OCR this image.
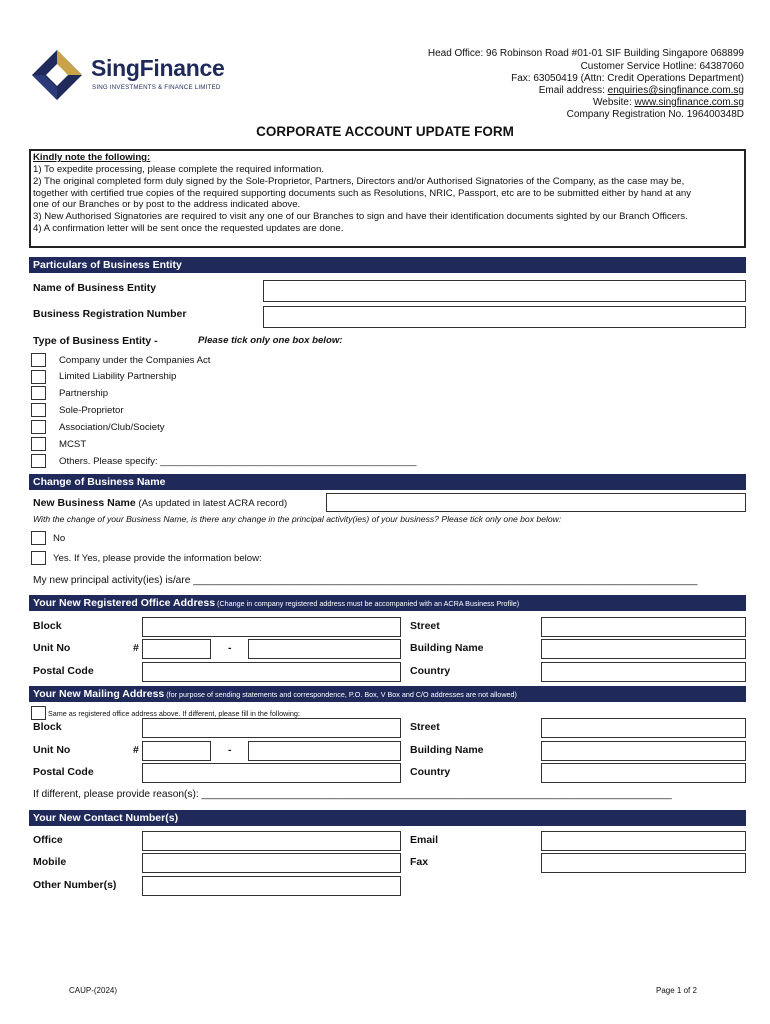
SingFinance
SING INVESTMENTS & FINANCE LIMITED
Head Office: 96 Robinson Road #01-01 SIF Building Singapore 068899
Customer Service Hotline: 64387060
Fax: 63050419 (Attn: Credit Operations Department)
Email address: enquiries@singfinance.com.sg
Website: www.singfinance.com.sg
Company Registration No. 196400348D
CORPORATE ACCOUNT UPDATE FORM
Kindly note the following:
1) To expedite processing, please complete the required information.
2) The original completed form duly signed by the Sole-Proprietor, Partners, Directors and/or Authorised Signatories of the Company, as the case may be,
together with certified true copies of the required supporting documents such as Resolutions, NRIC, Passport, etc are to be submitted either by hand at any
one of our Branches or by post to the address indicated above.
3) New Authorised Signatories are required to visit any one of our Branches to sign and have their identification documents sighted by our Branch Officers.
4) A confirmation letter will be sent once the requested updates are done.
Particulars of Business Entity
Name of Business Entity
Business Registration Number
Type of Business Entity -	Please tick only one box below:
Company under the Companies Act
Limited Liability Partnership
Partnership
Sole-Proprietor
Association/Club/Society
MCST
Others. Please specify: ________________________________________________
Change of Business Name
New Business Name (As updated in latest ACRA record)
With the change of your Business Name, is there any change in the principal activity(ies) of your business? Please tick only one box below:
No
Yes. If Yes, please provide the information below:
My new principal activity(ies) is/are _________________________________________________________________________________________
Your New Registered Office Address (Change in company registered address must be accompanied with an ACRA Business Profile)
Block	Street
Unit No	#	-	Building Name
Postal Code	Country
Your New Mailing Address (for purpose of sending statements and correspondence, P.O. Box, V Box and C/O addresses are not allowed)
Same as registered office address above. If different, please fill in the following:
Block	Street
Unit No	#	-	Building Name
Postal Code	Country
If different, please provide reason(s): ___________________________________________________________________________________
Your New Contact Number(s)
Office	Email
Mobile	Fax
Other Number(s)
CAUP-(2024)	Page 1 of 2
